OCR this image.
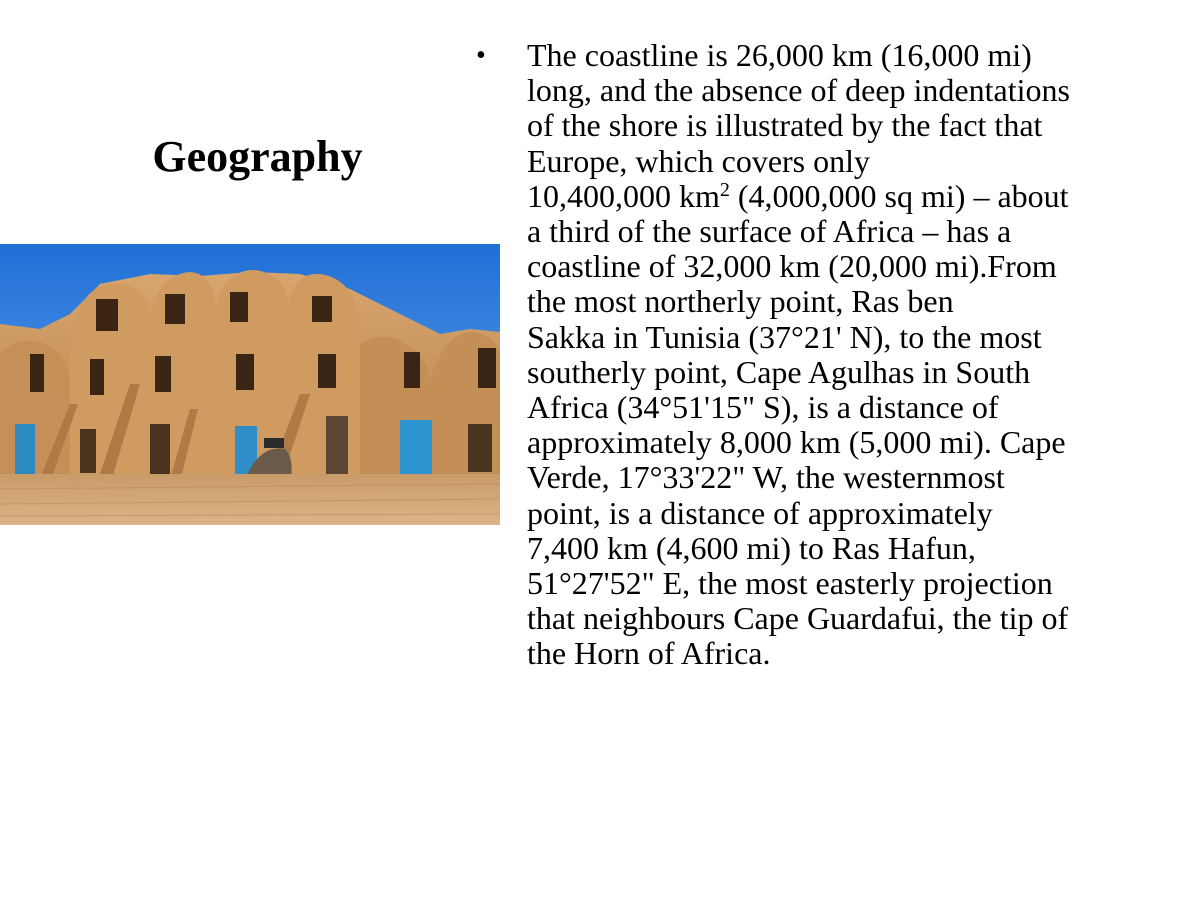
Geography
• The coastline is 26,000 km (16,000 mi)
long, and the absence of deep indentations
of the shore is illustrated by the fact that
Europe, which covers only
10,400,000 $km^2$ (4,000,000 sq mi) – about
a third of the surface of Africa – has a
coastline of 32,000 km (20,000 mi).From
the most northerly point, Ras ben
Sakka in Tunisia (37°21' N), to the most
southerly point, Cape Agulhas in South
Africa (34°51'15" S), is a distance of
approximately 8,000 km (5,000 mi). Cape
Verde, 17°33'22" W, the westernmost
point, is a distance of approximately
7,400 km (4,600 mi) to Ras Hafun,
51°27'52" E, the most easterly projection
that neighbours Cape Guardafui, the tip of
the Horn of Africa.
